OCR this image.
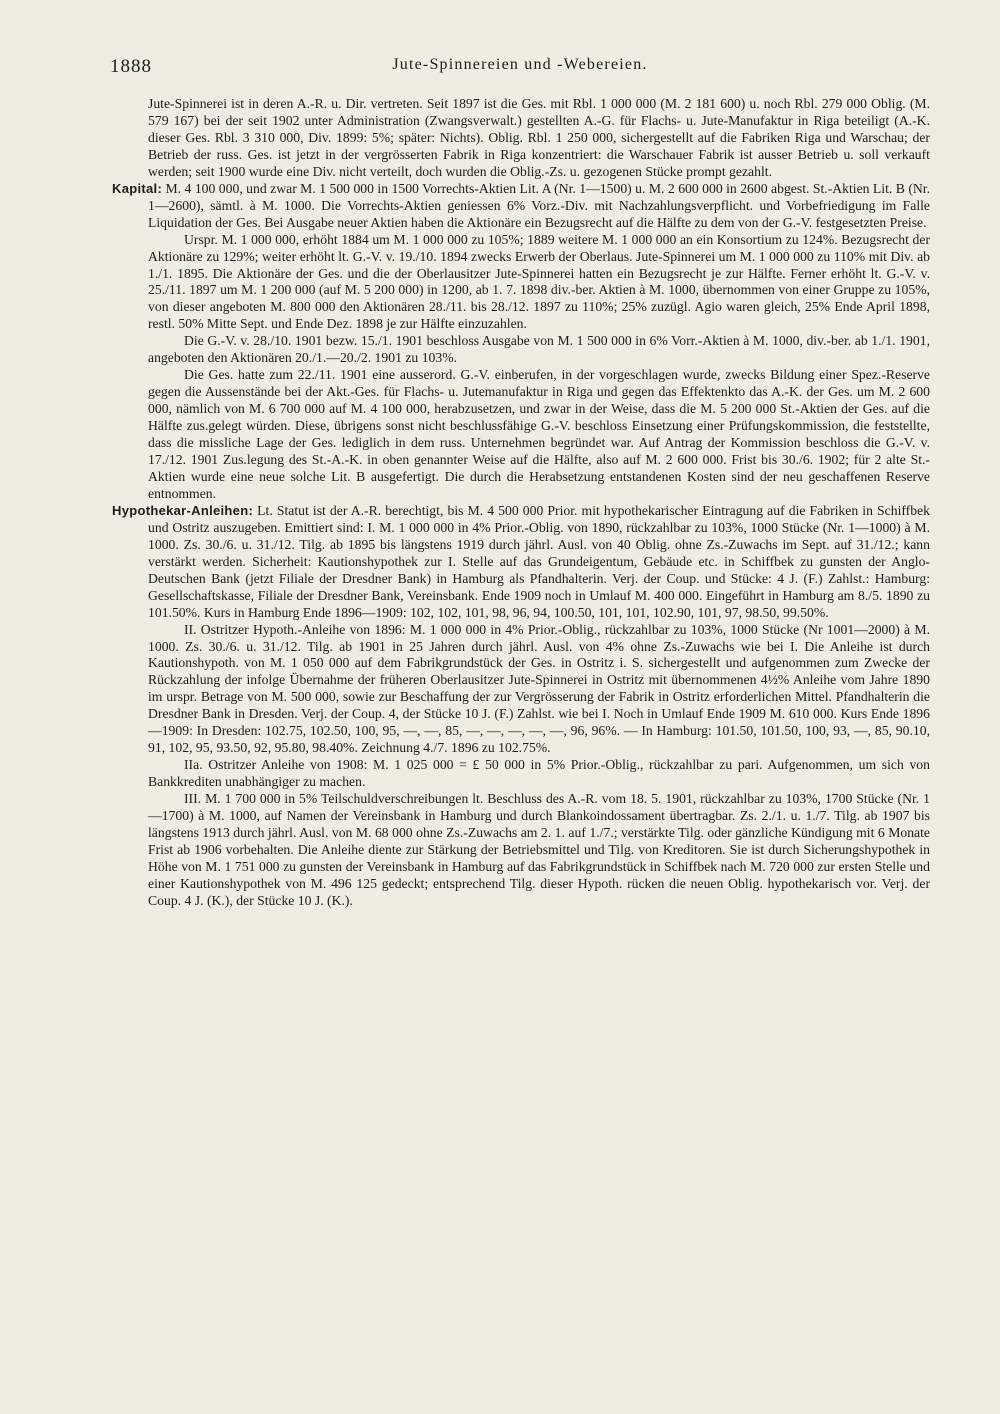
1888	Jute-Spinnereien und -Webereien.

Jute-Spinnerei ist in deren A.-R. u. Dir. vertreten. Seit 1897 ist die Ges. mit Rbl. 1 000 000 (M. 2 181 600) u. noch Rbl. 279 000 Oblig. (M. 579 167) bei der seit 1902 unter Administration (Zwangsverwalt.) gestellten A.-G. für Flachs- u. Jute-Manufaktur in Riga beteiligt (A.-K. dieser Ges. Rbl. 3 310 000, Div. 1899: 5%; später: Nichts). Oblig. Rbl. 1 250 000, sichergestellt auf die Fabriken Riga und Warschau; der Betrieb der russ. Ges. ist jetzt in der vergrösserten Fabrik in Riga konzentriert: die Warschauer Fabrik ist ausser Betrieb u. soll verkauft werden; seit 1900 wurde eine Div. nicht verteilt, doch wurden die Oblig.-Zs. u. gezogenen Stücke prompt gezahlt.

Kapital: M. 4 100 000, und zwar M. 1 500 000 in 1500 Vorrechts-Aktien Lit. A (Nr. 1—1500) u. M. 2 600 000 in 2600 abgest. St.-Aktien Lit. B (Nr. 1—2600), sämtl. à M. 1000. Die Vorrechts-Aktien geniessen 6% Vorz.-Div. mit Nachzahlungsverpflicht. und Vorbefriedigung im Falle Liquidation der Ges. Bei Ausgabe neuer Aktien haben die Aktionäre ein Bezugsrecht auf die Hälfte zu dem von der G.-V. festgesetzten Preise.

Urspr. M. 1 000 000, erhöht 1884 um M. 1 000 000 zu 105%; 1889 weitere M. 1 000 000 an ein Konsortium zu 124%. Bezugsrecht der Aktionäre zu 129%; weiter erhöht lt. G.-V. v. 19./10. 1894 zwecks Erwerb der Oberlaus. Jute-Spinnerei um M. 1 000 000 zu 110% mit Div. ab 1./1. 1895. Die Aktionäre der Ges. und die der Oberlausitzer Jute-Spinnerei hatten ein Bezugsrecht je zur Hälfte. Ferner erhöht lt. G.-V. v. 25./11. 1897 um M. 1 200 000 (auf M. 5 200 000) in 1200, ab 1. 7. 1898 div.-ber. Aktien à M. 1000, übernommen von einer Gruppe zu 105%, von dieser angeboten M. 800 000 den Aktionären 28./11. bis 28./12. 1897 zu 110%; 25% zuzügl. Agio waren gleich, 25% Ende April 1898, restl. 50% Mitte Sept. und Ende Dez. 1898 je zur Hälfte einzuzahlen.

Die G.-V. v. 28./10. 1901 bezw. 15./1. 1901 beschloss Ausgabe von M. 1 500 000 in 6% Vorr.-Aktien à M. 1000, div.-ber. ab 1./1. 1901, angeboten den Aktionären 20./1.—20./2. 1901 zu 103%.

Die Ges. hatte zum 22./11. 1901 eine ausserord. G.-V. einberufen, in der vorgeschlagen wurde, zwecks Bildung einer Spez.-Reserve gegen die Aussenstände bei der Akt.-Ges. für Flachs- u. Jutemanufaktur in Riga und gegen das Effektenkto das A.-K. der Ges. um M. 2 600 000, nämlich von M. 6 700 000 auf M. 4 100 000, herabzusetzen, und zwar in der Weise, dass die M. 5 200 000 St.-Aktien der Ges. auf die Hälfte zus.gelegt würden. Diese, übrigens sonst nicht beschlussfähige G.-V. beschloss Einsetzung einer Prüfungskommission, die feststellte, dass die missliche Lage der Ges. lediglich in dem russ. Unternehmen begründet war. Auf Antrag der Kommission beschloss die G.-V. v. 17./12. 1901 Zus.legung des St.-A.-K. in oben genannter Weise auf die Hälfte, also auf M. 2 600 000. Frist bis 30./6. 1902; für 2 alte St.-Aktien wurde eine neue solche Lit. B ausgefertigt. Die durch die Herabsetzung entstandenen Kosten sind der neu geschaffenen Reserve entnommen.

Hypothekar-Anleihen: Lt. Statut ist der A.-R. berechtigt, bis M. 4 500 000 Prior. mit hypothekarischer Eintragung auf die Fabriken in Schiffbek und Ostritz auszugeben. Emittiert sind: I. M. 1 000 000 in 4% Prior.-Oblig. von 1890, rückzahlbar zu 103%, 1000 Stücke (Nr. 1—1000) à M. 1000. Zs. 30./6. u. 31./12. Tilg. ab 1895 bis längstens 1919 durch jährl. Ausl. von 40 Oblig. ohne Zs.-Zuwachs im Sept. auf 31./12.; kann verstärkt werden. Sicherheit: Kautionshypothek zur I. Stelle auf das Grundeigentum, Gebäude etc. in Schiffbek zu gunsten der Anglo-Deutschen Bank (jetzt Filiale der Dresdner Bank) in Hamburg als Pfandhalterin. Verj. der Coup. und Stücke: 4 J. (F.) Zahlst.: Hamburg: Gesellschaftskasse, Filiale der Dresdner Bank, Vereinsbank. Ende 1909 noch in Umlauf M. 400 000. Eingeführt in Hamburg am 8./5. 1890 zu 101.50%. Kurs in Hamburg Ende 1896—1909: 102, 102, 101, 98, 96, 94, 100.50, 101, 101, 102.90, 101, 97, 98.50, 99.50%.

II. Ostritzer Hypoth.-Anleihe von 1896: M. 1 000 000 in 4% Prior.-Oblig., rückzahlbar zu 103%, 1000 Stücke (Nr 1001—2000) à M. 1000. Zs. 30./6. u. 31./12. Tilg. ab 1901 in 25 Jahren durch jährl. Ausl. von 4% ohne Zs.-Zuwachs wie bei I. Die Anleihe ist durch Kautionshypoth. von M. 1 050 000 auf dem Fabrikgrundstück der Ges. in Ostritz i. S. sichergestellt und aufgenommen zum Zwecke der Rückzahlung der infolge Übernahme der früheren Oberlausitzer Jute-Spinnerei in Ostritz mit übernommenen 4½% Anleihe vom Jahre 1890 im urspr. Betrage von M. 500 000, sowie zur Beschaffung der zur Vergrösserung der Fabrik in Ostritz erforderlichen Mittel. Pfandhalterin die Dresdner Bank in Dresden. Verj. der Coup. 4, der Stücke 10 J. (F.) Zahlst. wie bei I. Noch in Umlauf Ende 1909 M. 610 000. Kurs Ende 1896—1909: In Dresden: 102.75, 102.50, 100, 95, —, —, 85, —, —, —, —, —, 96, 96%. — In Hamburg: 101.50, 101.50, 100, 93, —, 85, 90.10, 91, 102, 95, 93.50, 92, 95.80, 98.40%. Zeichnung 4./7. 1896 zu 102.75%.

IIa. Ostritzer Anleihe von 1908: M. 1 025 000 = £ 50 000 in 5% Prior.-Oblig., rückzahlbar zu pari. Aufgenommen, um sich von Bankkrediten unabhängiger zu machen.

III. M. 1 700 000 in 5% Teilschuldverschreibungen lt. Beschluss des A.-R. vom 18. 5. 1901, rückzahlbar zu 103%, 1700 Stücke (Nr. 1—1700) à M. 1000, auf Namen der Vereinsbank in Hamburg und durch Blankoindossament übertragbar. Zs. 2./1. u. 1./7. Tilg. ab 1907 bis längstens 1913 durch jährl. Ausl. von M. 68 000 ohne Zs.-Zuwachs am 2. 1. auf 1./7.; verstärkte Tilg. oder gänzliche Kündigung mit 6 Monate Frist ab 1906 vorbehalten. Die Anleihe diente zur Stärkung der Betriebsmittel und Tilg. von Kreditoren. Sie ist durch Sicherungshypothek in Höhe von M. 1 751 000 zu gunsten der Vereinsbank in Hamburg auf das Fabrikgrundstück in Schiffbek nach M. 720 000 zur ersten Stelle und einer Kautionshypothek von M. 496 125 gedeckt; entsprechend Tilg. dieser Hypoth. rücken die neuen Oblig. hypothekarisch vor. Verj. der Coup. 4 J. (K.), der Stücke 10 J. (K.).
